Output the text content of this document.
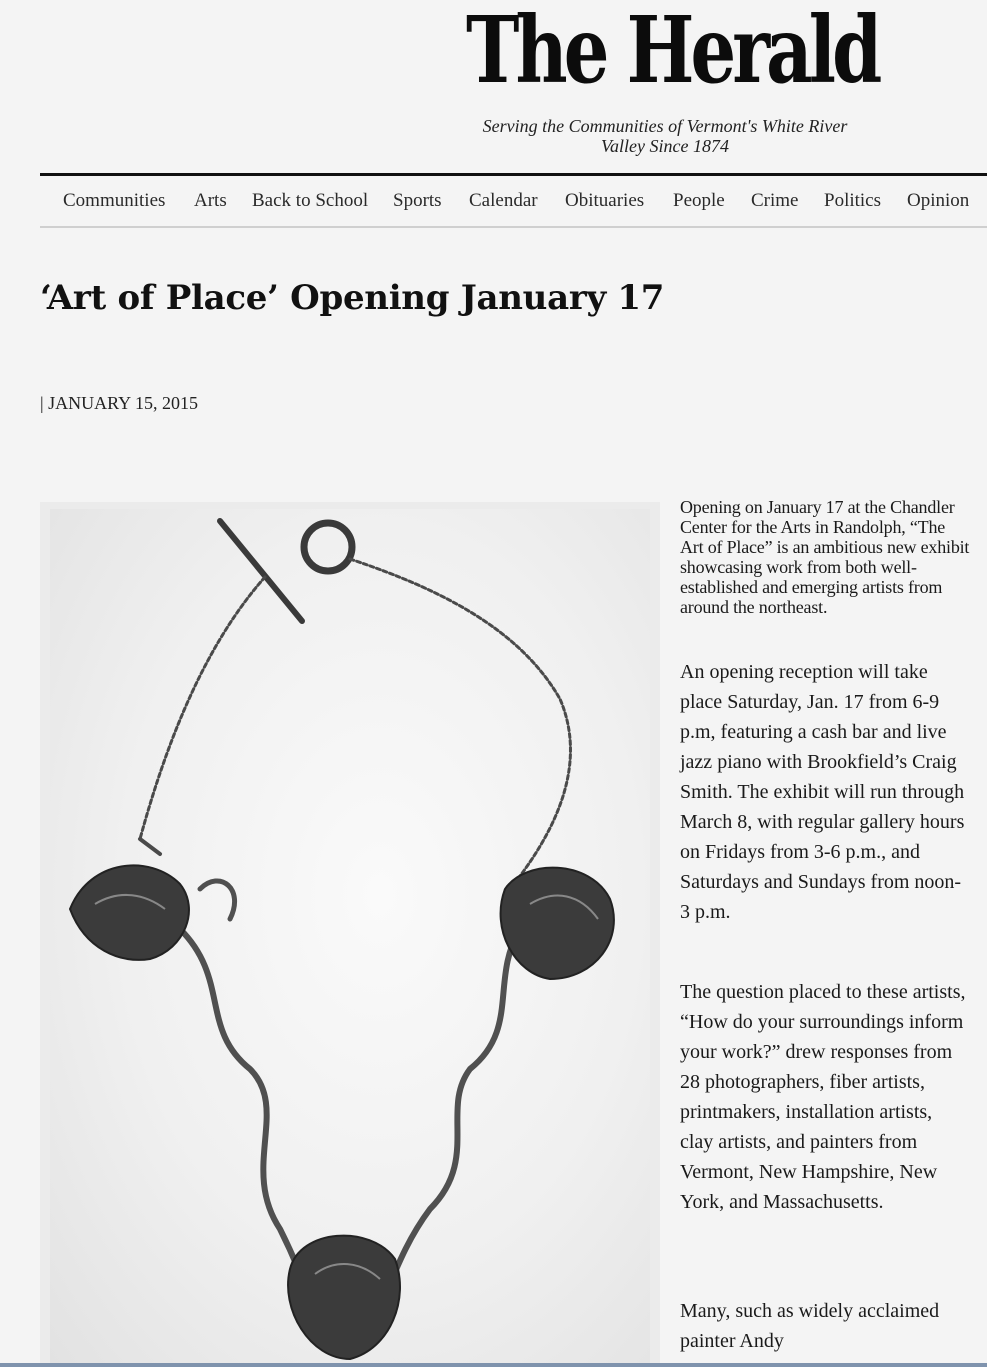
The Herald
Serving the Communities of Vermont's White River Valley Since 1874
Communities Arts Back to School Sports Calendar Obituaries People Crime Politics Opinion
‘Art of Place’ Opening January 17
| JANUARY 15, 2015

Opening on January 17 at the Chandler Center for the Arts in Randolph, “The Art of Place” is an ambitious new exhibit showcasing work from both well-established and emerging artists from around the northeast.

An opening reception will take place Saturday, Jan. 17 from 6-9 p.m, featuring a cash bar and live jazz piano with Brookfield’s Craig Smith. The exhibit will run through March 8, with regular gallery hours on Fridays from 3-6 p.m., and Saturdays and Sundays from noon- 3 p.m.

The question placed to these artists, “How do your surroundings inform your work?” drew responses from 28 photographers, fiber artists, printmakers, installation artists, clay artists, and painters from Vermont, New Hampshire, New York, and Massachusetts.

Many, such as widely acclaimed painter Andy
